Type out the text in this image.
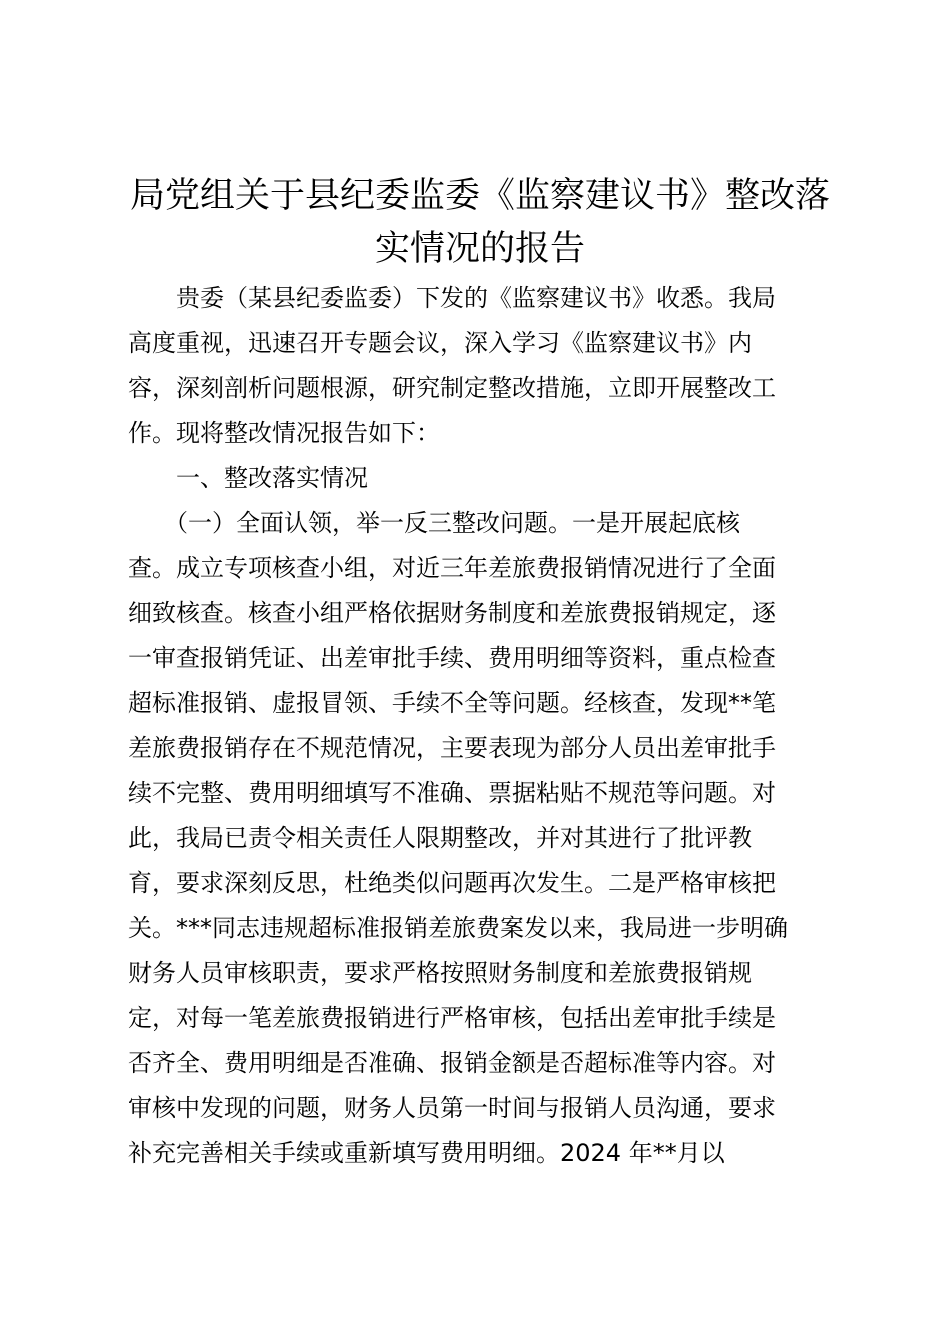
局党组关于县纪委监委《监察建议书》整改落
实情况的报告
　　贵委（某县纪委监委）下发的《监察建议书》收悉。我局
高度重视，迅速召开专题会议，深入学习《监察建议书》内
容，深刻剖析问题根源，研究制定整改措施，立即开展整改工
作。现将整改情况报告如下：
　　一、整改落实情况
　　（一）全面认领，举一反三整改问题。一是开展起底核
查。成立专项核查小组，对近三年差旅费报销情况进行了全面
细致核查。核查小组严格依据财务制度和差旅费报销规定，逐
一审查报销凭证、出差审批手续、费用明细等资料，重点检查
超标准报销、虚报冒领、手续不全等问题。经核查，发现**笔
差旅费报销存在不规范情况，主要表现为部分人员出差审批手
续不完整、费用明细填写不准确、票据粘贴不规范等问题。对
此，我局已责令相关责任人限期整改，并对其进行了批评教
育，要求深刻反思，杜绝类似问题再次发生。二是严格审核把
关。***同志违规超标准报销差旅费案发以来，我局进一步明确
财务人员审核职责，要求严格按照财务制度和差旅费报销规
定，对每一笔差旅费报销进行严格审核，包括出差审批手续是
否齐全、费用明细是否准确、报销金额是否超标准等内容。对
审核中发现的问题，财务人员第一时间与报销人员沟通，要求
补充完善相关手续或重新填写费用明细。2024 年**月以
